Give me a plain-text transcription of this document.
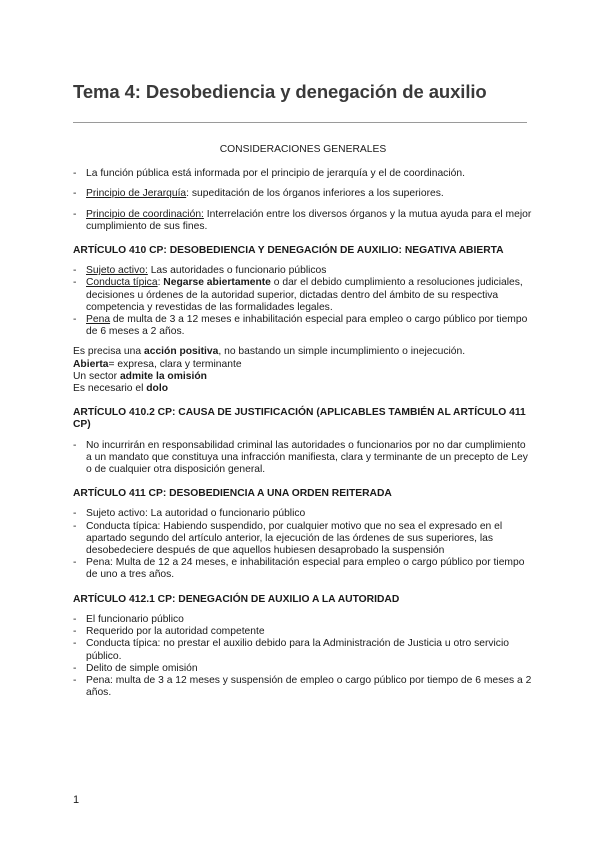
Tema 4: Desobediencia y denegación de auxilio

CONSIDERACIONES GENERALES

- La función pública está informada por el principio de jerarquía y el de coordinación.
- Principio de Jerarquía: supeditación de los órganos inferiores a los superiores.
- Principio de coordinación: Interrelación entre los diversos órganos y la mutua ayuda para el mejor cumplimiento de sus fines.

ARTÍCULO 410 CP: DESOBEDIENCIA Y DENEGACIÓN DE AUXILIO: NEGATIVA ABIERTA

- Sujeto activo: Las autoridades o funcionario públicos
- Conducta típica: Negarse abiertamente o dar el debido cumplimiento a resoluciones judiciales, decisiones u órdenes de la autoridad superior, dictadas dentro del ámbito de su respectiva competencia y revestidas de las formalidades legales.
- Pena de multa de 3 a 12 meses e inhabilitación especial para empleo o cargo público por tiempo de 6 meses a 2 años.

Es precisa una acción positiva, no bastando un simple incumplimiento o inejecución.

Abierta= expresa, clara y terminante

Un sector admite la omisión

Es necesario el dolo

ARTÍCULO 410.2 CP: CAUSA DE JUSTIFICACIÓN (APLICABLES TAMBIÉN AL ARTÍCULO 411 CP)

- No incurrirán en responsabilidad criminal las autoridades o funcionarios por no dar cumplimiento a un mandato que constituya una infracción manifiesta, clara y terminante de un precepto de Ley o de cualquier otra disposición general.

ARTÍCULO 411 CP: DESOBEDIENCIA A UNA ORDEN REITERADA

- Sujeto activo: La autoridad o funcionario público
- Conducta típica: Habiendo suspendido, por cualquier motivo que no sea el expresado en el apartado segundo del artículo anterior, la ejecución de las órdenes de sus superiores, las desobedeciere después de que aquellos hubiesen desaprobado la suspensión
- Pena: Multa de 12 a 24 meses, e inhabilitación especial para empleo o cargo público por tiempo de uno a tres años.

ARTÍCULO 412.1 CP: DENEGACIÓN DE AUXILIO A LA AUTORIDAD

- El funcionario público
- Requerido por la autoridad competente
- Conducta típica: no prestar el auxilio debido para la Administración de Justicia u otro servicio público.
- Delito de simple omisión
- Pena: multa de 3 a 12 meses y suspensión de empleo o cargo público por tiempo de 6 meses a 2 años.
1
